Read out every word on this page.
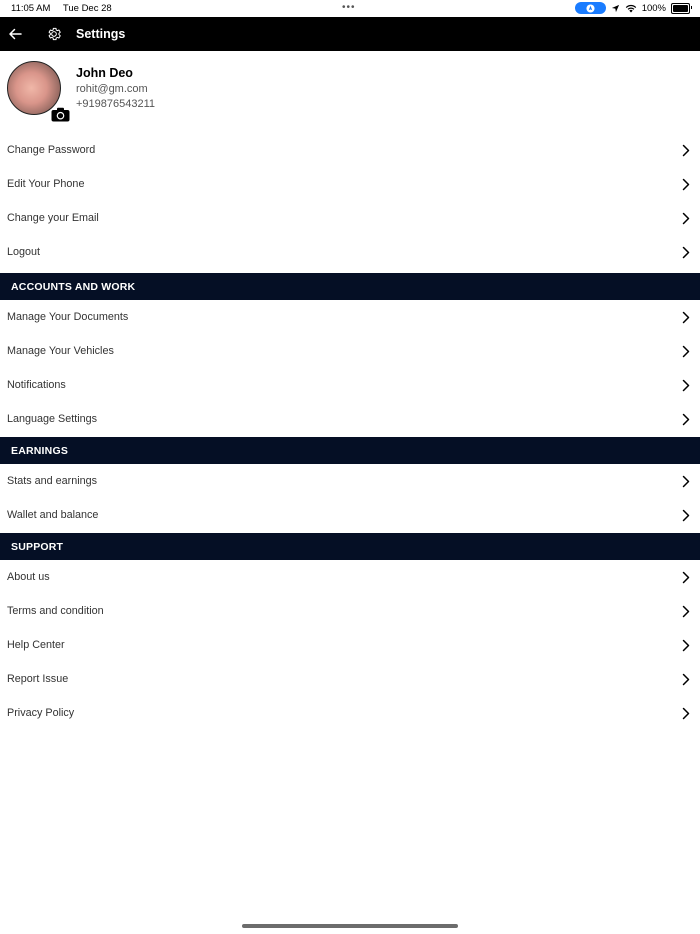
11:05 AM Tue Dec 28	•••	100%
Settings
John Deo
rohit@gm.com
+919876543211
Change Password
Edit Your Phone
Change your Email
Logout
ACCOUNTS AND WORK
Manage Your Documents
Manage Your Vehicles
Notifications
Language Settings
EARNINGS
Stats and earnings
Wallet and balance
SUPPORT
About us
Terms and condition
Help Center
Report Issue
Privacy Policy
